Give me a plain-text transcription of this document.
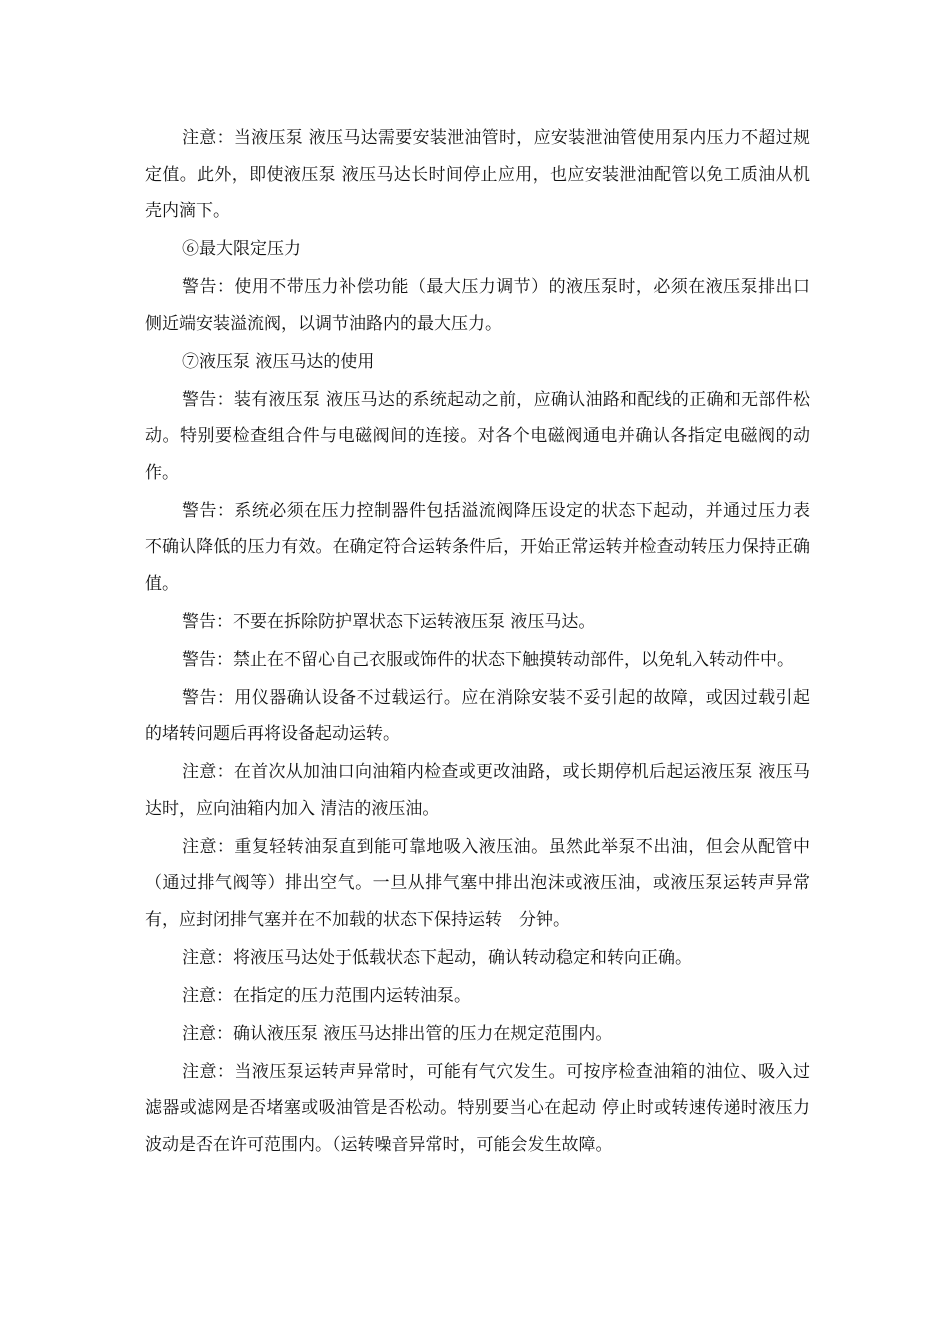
注意：当液压泵 液压马达需要安装泄油管时，应安装泄油管使用泵内压力不超过规定值。此外，即使液压泵 液压马达长时间停止应用，也应安装泄油配管以免工质油从机壳内滴下。

⑥最大限定压力

警告：使用不带压力补偿功能（最大压力调节）的液压泵时，必须在液压泵排出口侧近端安装溢流阀，以调节油路内的最大压力。

⑦液压泵 液压马达的使用

警告：装有液压泵 液压马达的系统起动之前，应确认油路和配线的正确和无部件松动。特别要检查组合件与电磁阀间的连接。对各个电磁阀通电并确认各指定电磁阀的动作。

警告：系统必须在压力控制器件包括溢流阀降压设定的状态下起动，并通过压力表不确认降低的压力有效。在确定符合运转条件后，开始正常运转并检查动转压力保持正确值。

警告：不要在拆除防护罩状态下运转液压泵 液压马达。

警告：禁止在不留心自己衣服或饰件的状态下触摸转动部件，以免轧入转动件中。

警告：用仪器确认设备不过载运行。应在消除安装不妥引起的故障，或因过载引起的堵转问题后再将设备起动运转。

注意：在首次从加油口向油箱内检查或更改油路，或长期停机后起运液压泵 液压马达时，应向油箱内加入 清洁的液压油。

注意：重复轻转油泵直到能可靠地吸入液压油。虽然此举泵不出油，但会从配管中（通过排气阀等）排出空气。一旦从排气塞中排出泡沫或液压油，或液压泵运转声异常有，应封闭排气塞并在不加载的状态下保持运转　分钟。

注意：将液压马达处于低载状态下起动，确认转动稳定和转向正确。

注意：在指定的压力范围内运转油泵。

注意：确认液压泵 液压马达排出管的压力在规定范围内。

注意：当液压泵运转声异常时，可能有气穴发生。可按序检查油箱的油位、吸入过滤器或滤网是否堵塞或吸油管是否松动。特别要当心在起动 停止时或转速传递时液压力波动是否在许可范围内。（运转噪音异常时，可能会发生故障。
